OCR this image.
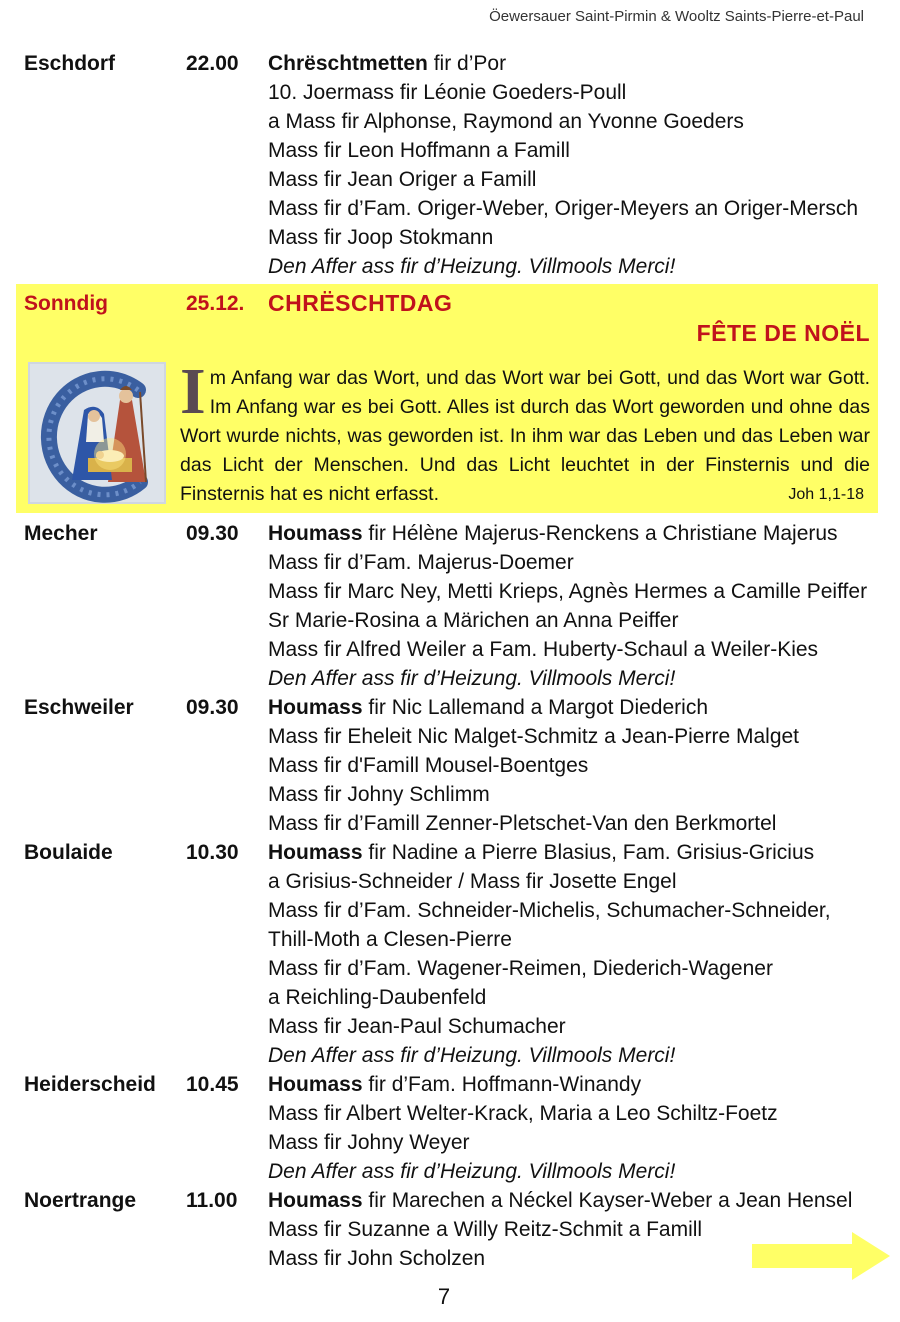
Öewersauer Saint-Pirmin & Wooltz Saints-Pierre-et-Paul
Eschdorf	22.00 Chrëschtmetten fir d’Por
10. Joermass fir Léonie Goeders-Poull
a Mass fir Alphonse, Raymond an Yvonne Goeders
Mass fir Leon Hoffmann a Famill
Mass fir Jean Origer a Famill
Mass fir d’Fam. Origer-Weber, Origer-Meyers an Origer-Mersch
Mass fir Joop Stokmann
Den Affer ass fir d’Heizung. Villmools Merci!
Sonndig	25.12. CHRËSCHTDAG
FÊTE DE NOËL
Im Anfang war das Wort, und das Wort war bei Gott, und das Wort war Gott. Im Anfang war es bei Gott. Alles ist durch das Wort geworden und ohne das Wort wurde nichts, was geworden ist. In ihm war das Leben und das Leben war das Licht der Menschen. Und das Licht leuchtet in der Finsternis und die Finsternis hat es nicht erfasst.	Joh 1,1-18
Mecher	09.30 Houmass fir Hélène Majerus-Renckens a Christiane Majerus
Mass fir d’Fam. Majerus-Doemer
Mass fir Marc Ney, Metti Krieps, Agnès Hermes a Camille Peiffer
Sr Marie-Rosina a Märichen an Anna Peiffer
Mass fir Alfred Weiler a Fam. Huberty-Schaul a Weiler-Kies
Den Affer ass fir d’Heizung. Villmools Merci!
Eschweiler 09.30 Houmass fir Nic Lallemand a Margot Diederich
Mass fir Eheleit Nic Malget-Schmitz a Jean-Pierre Malget
Mass fir d'Famill Mousel-Boentges
Mass fir Johny Schlimm
Mass fir d’Famill Zenner-Pletschet-Van den Berkmortel
Boulaide	10.30 Houmass fir Nadine a Pierre Blasius, Fam. Grisius-Gricius
a Grisius-Schneider / Mass fir Josette Engel
Mass fir d’Fam. Schneider-Michelis, Schumacher-Schneider,
Thill-Moth a Clesen-Pierre
Mass fir d’Fam. Wagener-Reimen, Diederich-Wagener
a Reichling-Daubenfeld
Mass fir Jean-Paul Schumacher
Den Affer ass fir d’Heizung. Villmools Merci!
Heiderscheid 10.45 Houmass fir d’Fam. Hoffmann-Winandy
Mass fir Albert Welter-Krack, Maria a Leo Schiltz-Foetz
Mass fir Johny Weyer
Den Affer ass fir d’Heizung. Villmools Merci!
Noertrange 11.00 Houmass fir Marechen a Néckel Kayser-Weber a Jean Hensel
Mass fir Suzanne a Willy Reitz-Schmit a Famill
Mass fir John Scholzen
7
